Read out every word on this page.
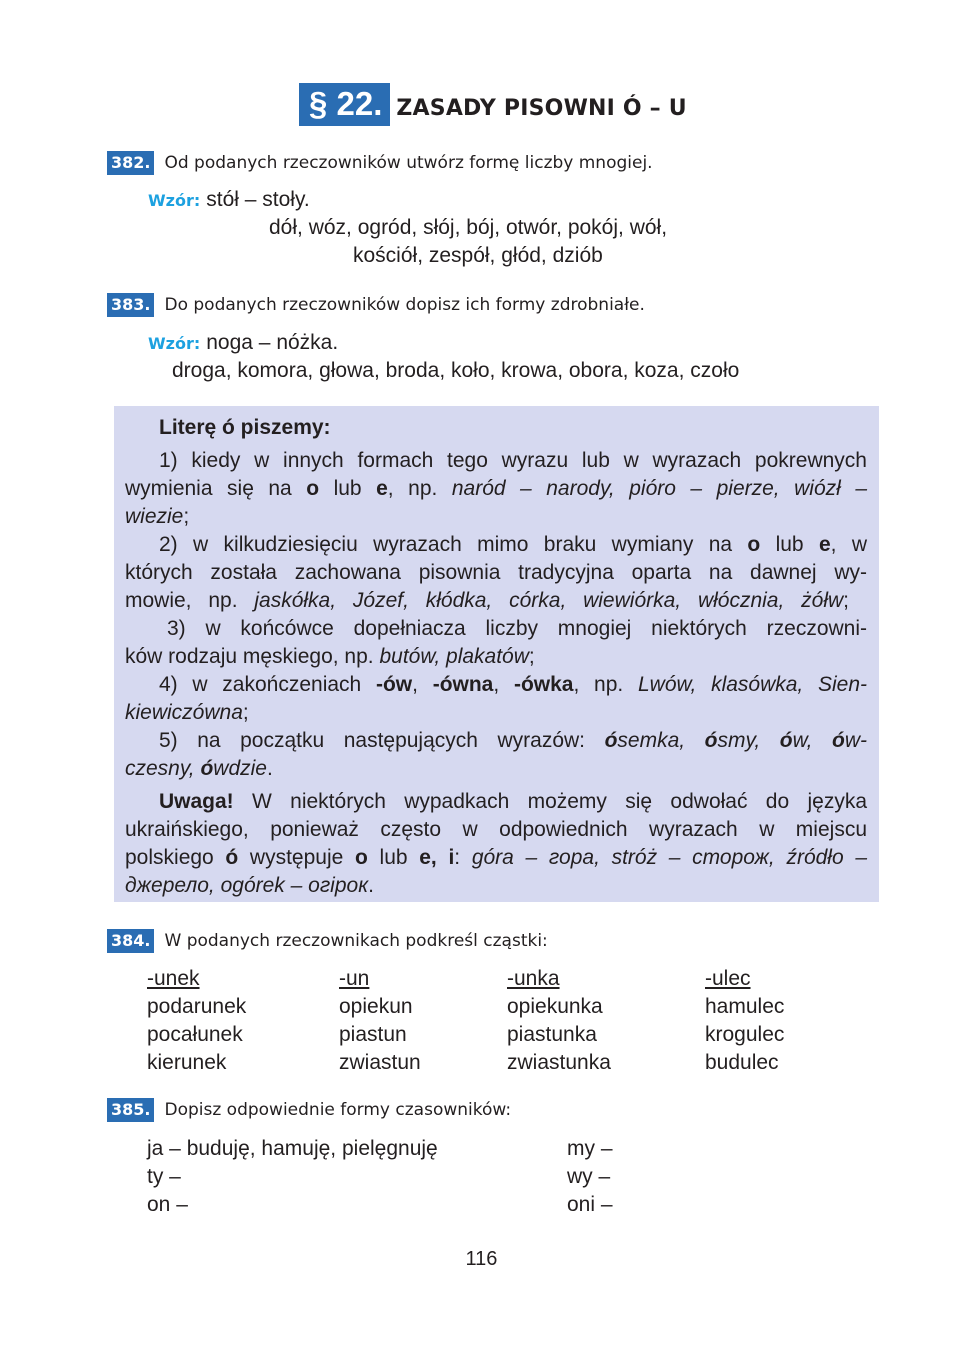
§ 22. ZASADY PISOWNI Ó – U
382. Od podanych rzeczowników utwórz formę liczby mnogiej.
Wzór: stół – stoły.
dół, wóz, ogród, słój, bój, otwór, pokój, wół,
kościół, zespół, głód, dziób
383. Do podanych rzeczowników dopisz ich formy zdrobniałe.
Wzór: noga – nóżka.
droga, komora, głowa, broda, koło, krowa, obora, koza, czoło
Literę ó piszemy:
1) kiedy w innych formach tego wyrazu lub w wyrazach pokrewnych
wymienia się na o lub e, np. naród – narody, pióro – pierze, wiózł –
wiezie;
2) w kilkudziesięciu wyrazach mimo braku wymiany na o lub e, w
których została zachowana pisownia tradycyjna oparta na dawnej wy-
mowie, np. jaskółka, Józef, kłódka, córka, wiewiórka, włócznia, żółw;
3) w końcówce dopełniacza liczby mnogiej niektórych rzeczowni-
ków rodzaju męskiego, np. butów, plakatów;
4) w zakończeniach -ów, -ówna, -ówka, np. Lwów, klasówka, Sien-
kiewiczówna;
5) na początku następujących wyrazów: ósemka, ósmy, ów, ów-
czesny, ówdzie.
Uwaga! W niektórych wypadkach możemy się odwołać do języka
ukraińskiego, ponieważ często w odpowiednich wyrazach w miejscu
polskiego ó występuje o lub e, i: góra – гора, stróż – сторож, źródło –
джерело, ogórek – огірок.
384. W podanych rzeczownikach podkreśl cząstki:
-unek
podarunek
pocałunek
kierunek
-un
opiekun
piastun
zwiastun
-unka
opiekunka
piastunka
zwiastunka
-ulec
hamulec
krogulec
budulec
385. Dopisz odpowiednie formy czasowników:
ja – buduję, hamuję, pielęgnuję
ty –
on –
my –
wy –
oni –
116
